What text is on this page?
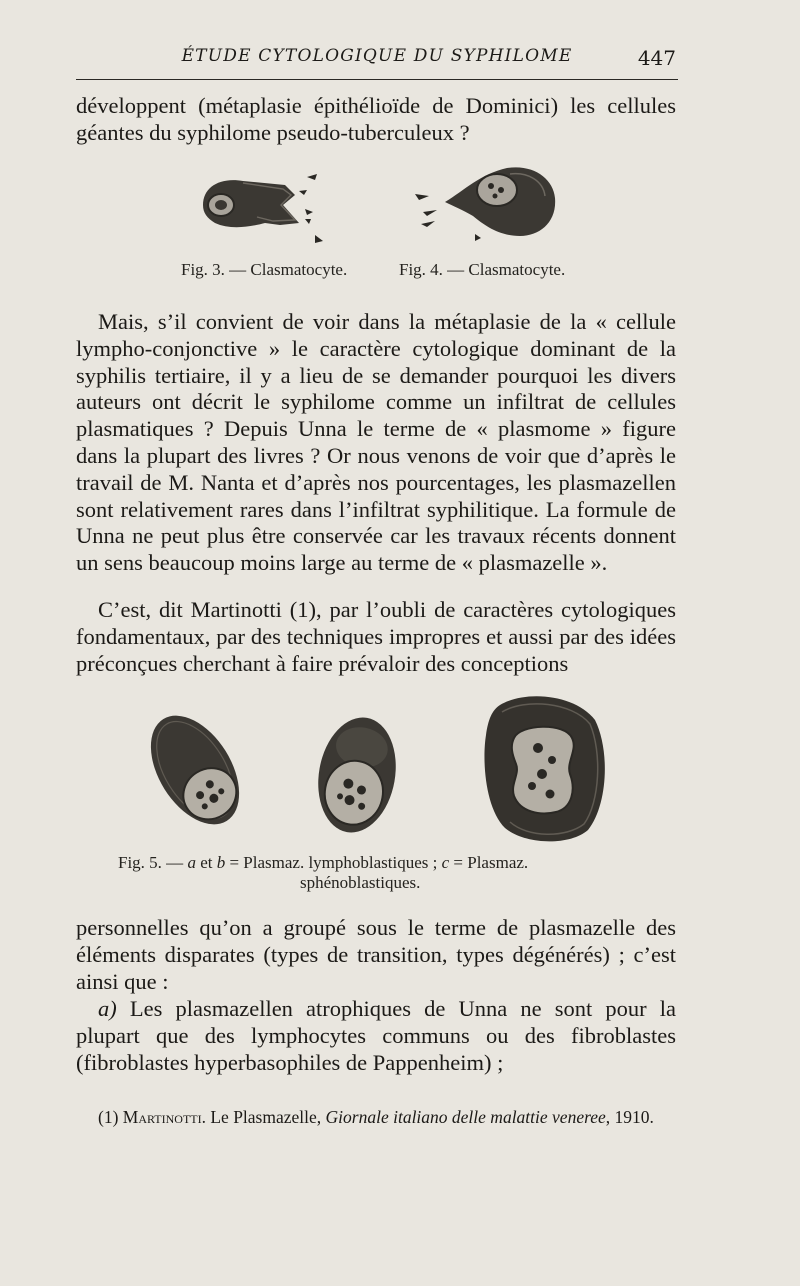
ÉTUDE CYTOLOGIQUE DU SYPHILOME	447

développent (métaplasie épithélioïde de Dominici) les cellules géantes du syphilome pseudo-tuberculeux ?

Fig. 3. — Clasmatocyte.	Fig. 4. — Clasmatocyte.

Mais, s’il convient de voir dans la métaplasie de la « cellule lympho-conjonctive » le caractère cytologique dominant de la syphilis tertiaire, il y a lieu de se demander pourquoi les divers auteurs ont décrit le syphilome comme un infiltrat de cellules plasmatiques ? Depuis Unna le terme de « plasmome » figure dans la plupart des livres ? Or nous venons de voir que d’après le travail de M. Nanta et d’après nos pourcentages, les plasmazellen sont relativement rares dans l’infiltrat syphilitique. La formule de Unna ne peut plus être conservée car les travaux récents donnent un sens beaucoup moins large au terme de « plasmazelle ».

C’est, dit Martinotti (1), par l’oubli de caractères cytologiques fondamentaux, par des techniques impropres et aussi par des idées préconçues cherchant à faire prévaloir des conceptions

Fig. 5. — a et b = Plasmaz. lymphoblastiques ; c = Plasmaz.
sphénoblastiques.

personnelles qu’on a groupé sous le terme de plasmazelle des éléments disparates (types de transition, types dégénérés) ; c’est ainsi que :

a) Les plasmazellen atrophiques de Unna ne sont pour la plupart que des lymphocytes communs ou des fibroblastes (fibroblastes hyperbasophiles de Pappenheim) ;

(1) Martinotti. Le Plasmazelle, Giornale italiano delle malattie veneree, 1910.
